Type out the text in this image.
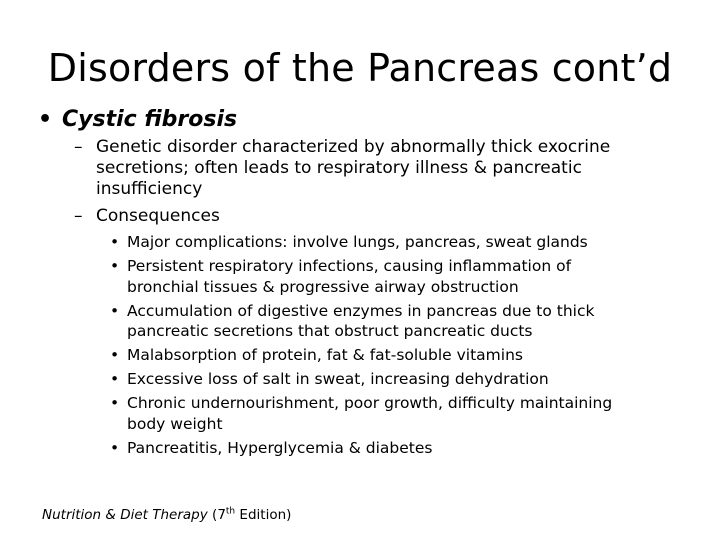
Disorders of the Pancreas cont’d
• Cystic fibrosis
– Genetic disorder characterized by abnormally thick exocrine secretions; often leads to respiratory illness & pancreatic insufficiency
– Consequences
• Major complications: involve lungs, pancreas, sweat glands
• Persistent respiratory infections, causing inflammation of bronchial tissues & progressive airway obstruction
• Accumulation of digestive enzymes in pancreas due to thick pancreatic secretions that obstruct pancreatic ducts
• Malabsorption of protein, fat & fat-soluble vitamins
• Excessive loss of salt in sweat, increasing dehydration
• Chronic undernourishment, poor growth, difficulty maintaining body weight
• Pancreatitis, Hyperglycemia & diabetes
Nutrition & Diet Therapy (7th Edition)
